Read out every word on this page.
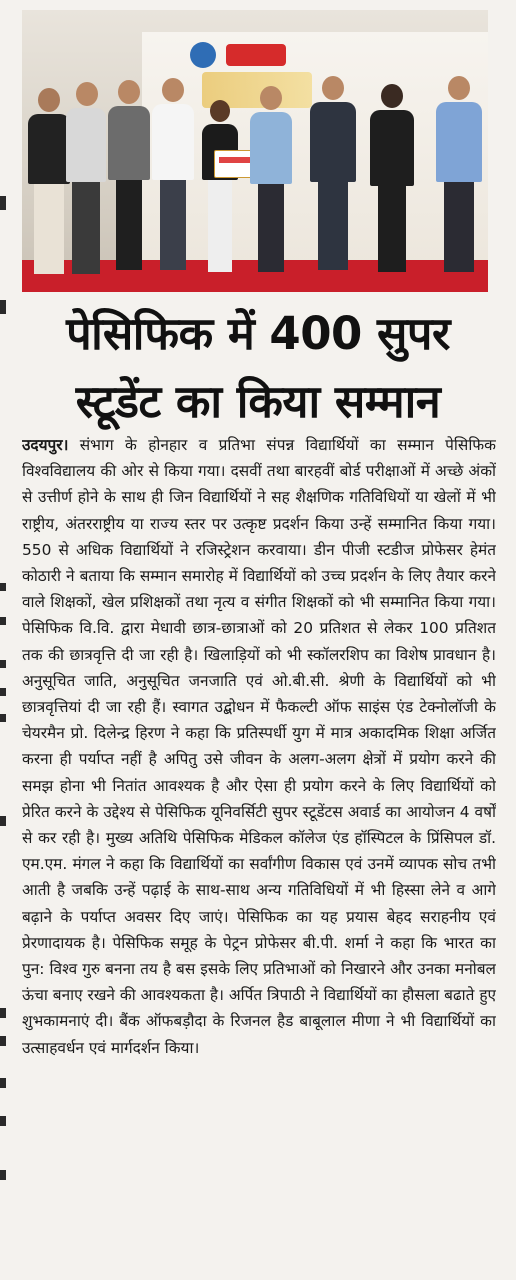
पेसिफिक में 400 सुपर
स्टूडेंट का किया सम्मान
उदयपुर। संभाग के होनहार व प्रतिभा संपन्न विद्यार्थियों का सम्मान पेसिफिक विश्वविद्यालय की ओर से किया गया। दसवीं तथा बारहवीं बोर्ड परीक्षाओं में अच्छे अंकों से उत्तीर्ण होने के साथ ही जिन विद्यार्थियों ने सह शैक्षणिक गतिविधियों या खेलों में भी राष्ट्रीय, अंतरराष्ट्रीय या राज्य स्तर पर उत्कृष्ट प्रदर्शन किया उन्हें सम्मानित किया गया। 550 से अधिक विद्यार्थियों ने रजिस्ट्रेशन करवाया। डीन पीजी स्टडीज प्रोफेसर हेमंत कोठारी ने बताया कि सम्मान समारोह में विद्यार्थियों को उच्च प्रदर्शन के लिए तैयार करने वाले शिक्षकों, खेल प्रशिक्षकों तथा नृत्य व संगीत शिक्षकों को भी सम्मानित किया गया। पेसिफिक वि.वि. द्वारा मेधावी छात्र-छात्राओं को 20 प्रतिशत से लेकर 100 प्रतिशत तक की छात्रवृत्ति दी जा रही है। खिलाड़ियों को भी स्कॉलरशिप का विशेष प्रावधान है। अनुसूचित जाति, अनुसूचित जनजाति एवं ओ.बी.सी. श्रेणी के विद्यार्थियों को भी छात्रवृत्तियां दी जा रही हैं। स्वागत उद्बोधन में फैकल्टी ऑफ साइंस एंड टेक्नोलॉजी के चेयरमैन प्रो. दिलेन्द्र हिरण ने कहा कि प्रतिस्पर्धी युग में मात्र अकादमिक शिक्षा अर्जित करना ही पर्याप्त नहीं है अपितु उसे जीवन के अलग-अलग क्षेत्रों में प्रयोग करने की समझ होना भी नितांत आवश्यक है और ऐसा ही प्रयोग करने के लिए विद्यार्थियों को प्रेरित करने के उद्देश्य से पेसिफिक यूनिवर्सिटी सुपर स्टूडेंटस अवार्ड का आयोजन 4 वर्षों से कर रही है। मुख्य अतिथि पेसिफिक मेडिकल कॉलेज एंड हॉस्पिटल के प्रिंसिपल डॉ. एम.एम. मंगल ने कहा कि विद्यार्थियों का सर्वांगीण विकास एवं उनमें व्यापक सोच तभी आती है जबकि उन्हें पढ़ाई के साथ-साथ अन्य गतिविधियों में भी हिस्सा लेने व आगे बढ़ाने के पर्याप्त अवसर दिए जाएं। पेसिफिक का यह प्रयास बेहद सराहनीय एवं प्रेरणादायक है। पेसिफिक समूह के पेट्रन प्रोफेसर बी.पी. शर्मा ने कहा कि भारत का पुन: विश्व गुरु बनना तय है बस इसके लिए प्रतिभाओं को निखारने और उनका मनोबल ऊंचा बनाए रखने की आवश्यकता है। अर्पित त्रिपाठी ने विद्यार्थियों का हौसला बढाते हुए शुभकामनाएं दी। बैंक ऑफबड़ौदा के रिजनल हैड बाबूलाल मीणा ने भी विद्यार्थियों का उत्साहवर्धन एवं मार्गदर्शन किया।
